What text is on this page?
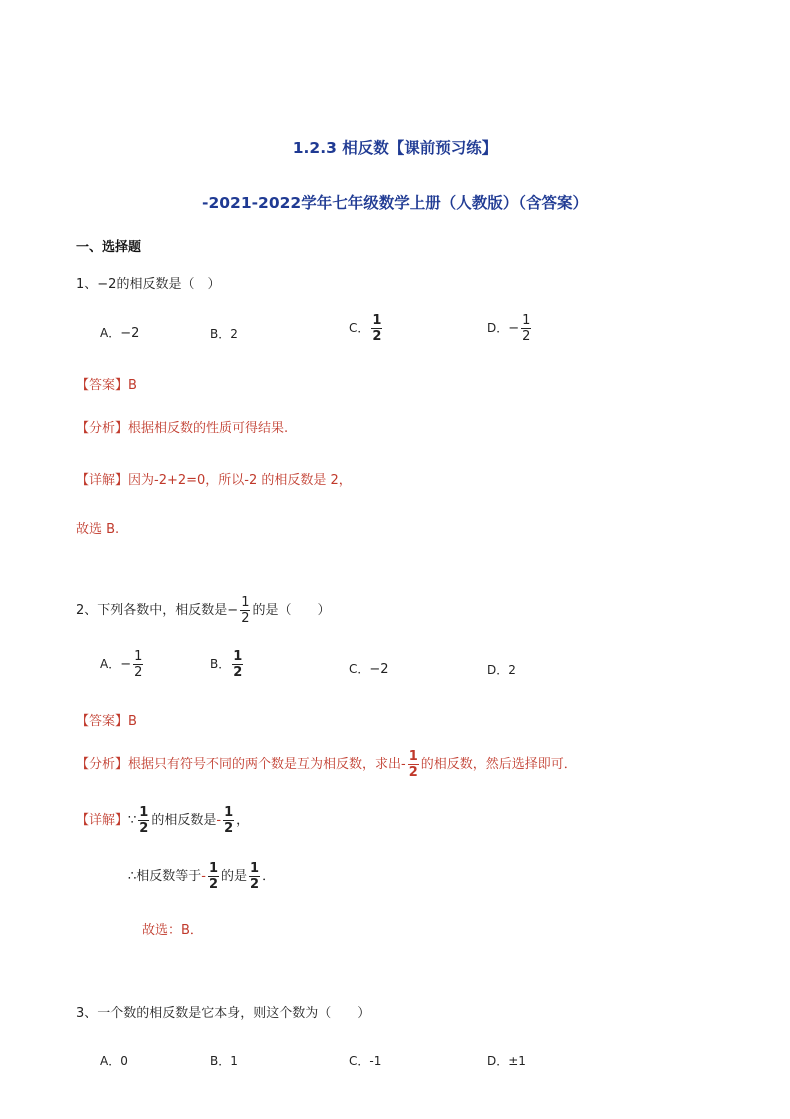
1.2.3 相反数【课前预习练】
-2021-2022学年七年级数学上册（人教版）（含答案）
一、选择题
1、−2的相反数是（　）
A．−2	B．2	C． $\frac{1}{2}$	D．− $\frac{1}{2}$
【答案】B
【分析】根据相反数的性质可得结果.
【详解】因为-2+2=0，所以-2 的相反数是 2，
故选 B.
2、下列各数中，相反数是− $\frac{1}{2}$ 的是（　　）
A．− $\frac{1}{2}$	B． $\frac{1}{2}$	C．−2	D．2
【答案】B
【分析】根据只有符号不同的两个数是互为相反数，求出- $\frac{1}{2}$ 的相反数，然后选择即可．
【详解】∵ $\frac{1}{2}$ 的相反数是- $\frac{1}{2}$ ，
∴相反数等于- $\frac{1}{2}$ 的是 $\frac{1}{2}$ ．
故选：B．
3、一个数的相反数是它本身，则这个数为（　　）
A．0	B．1	C．-1	D．±1
